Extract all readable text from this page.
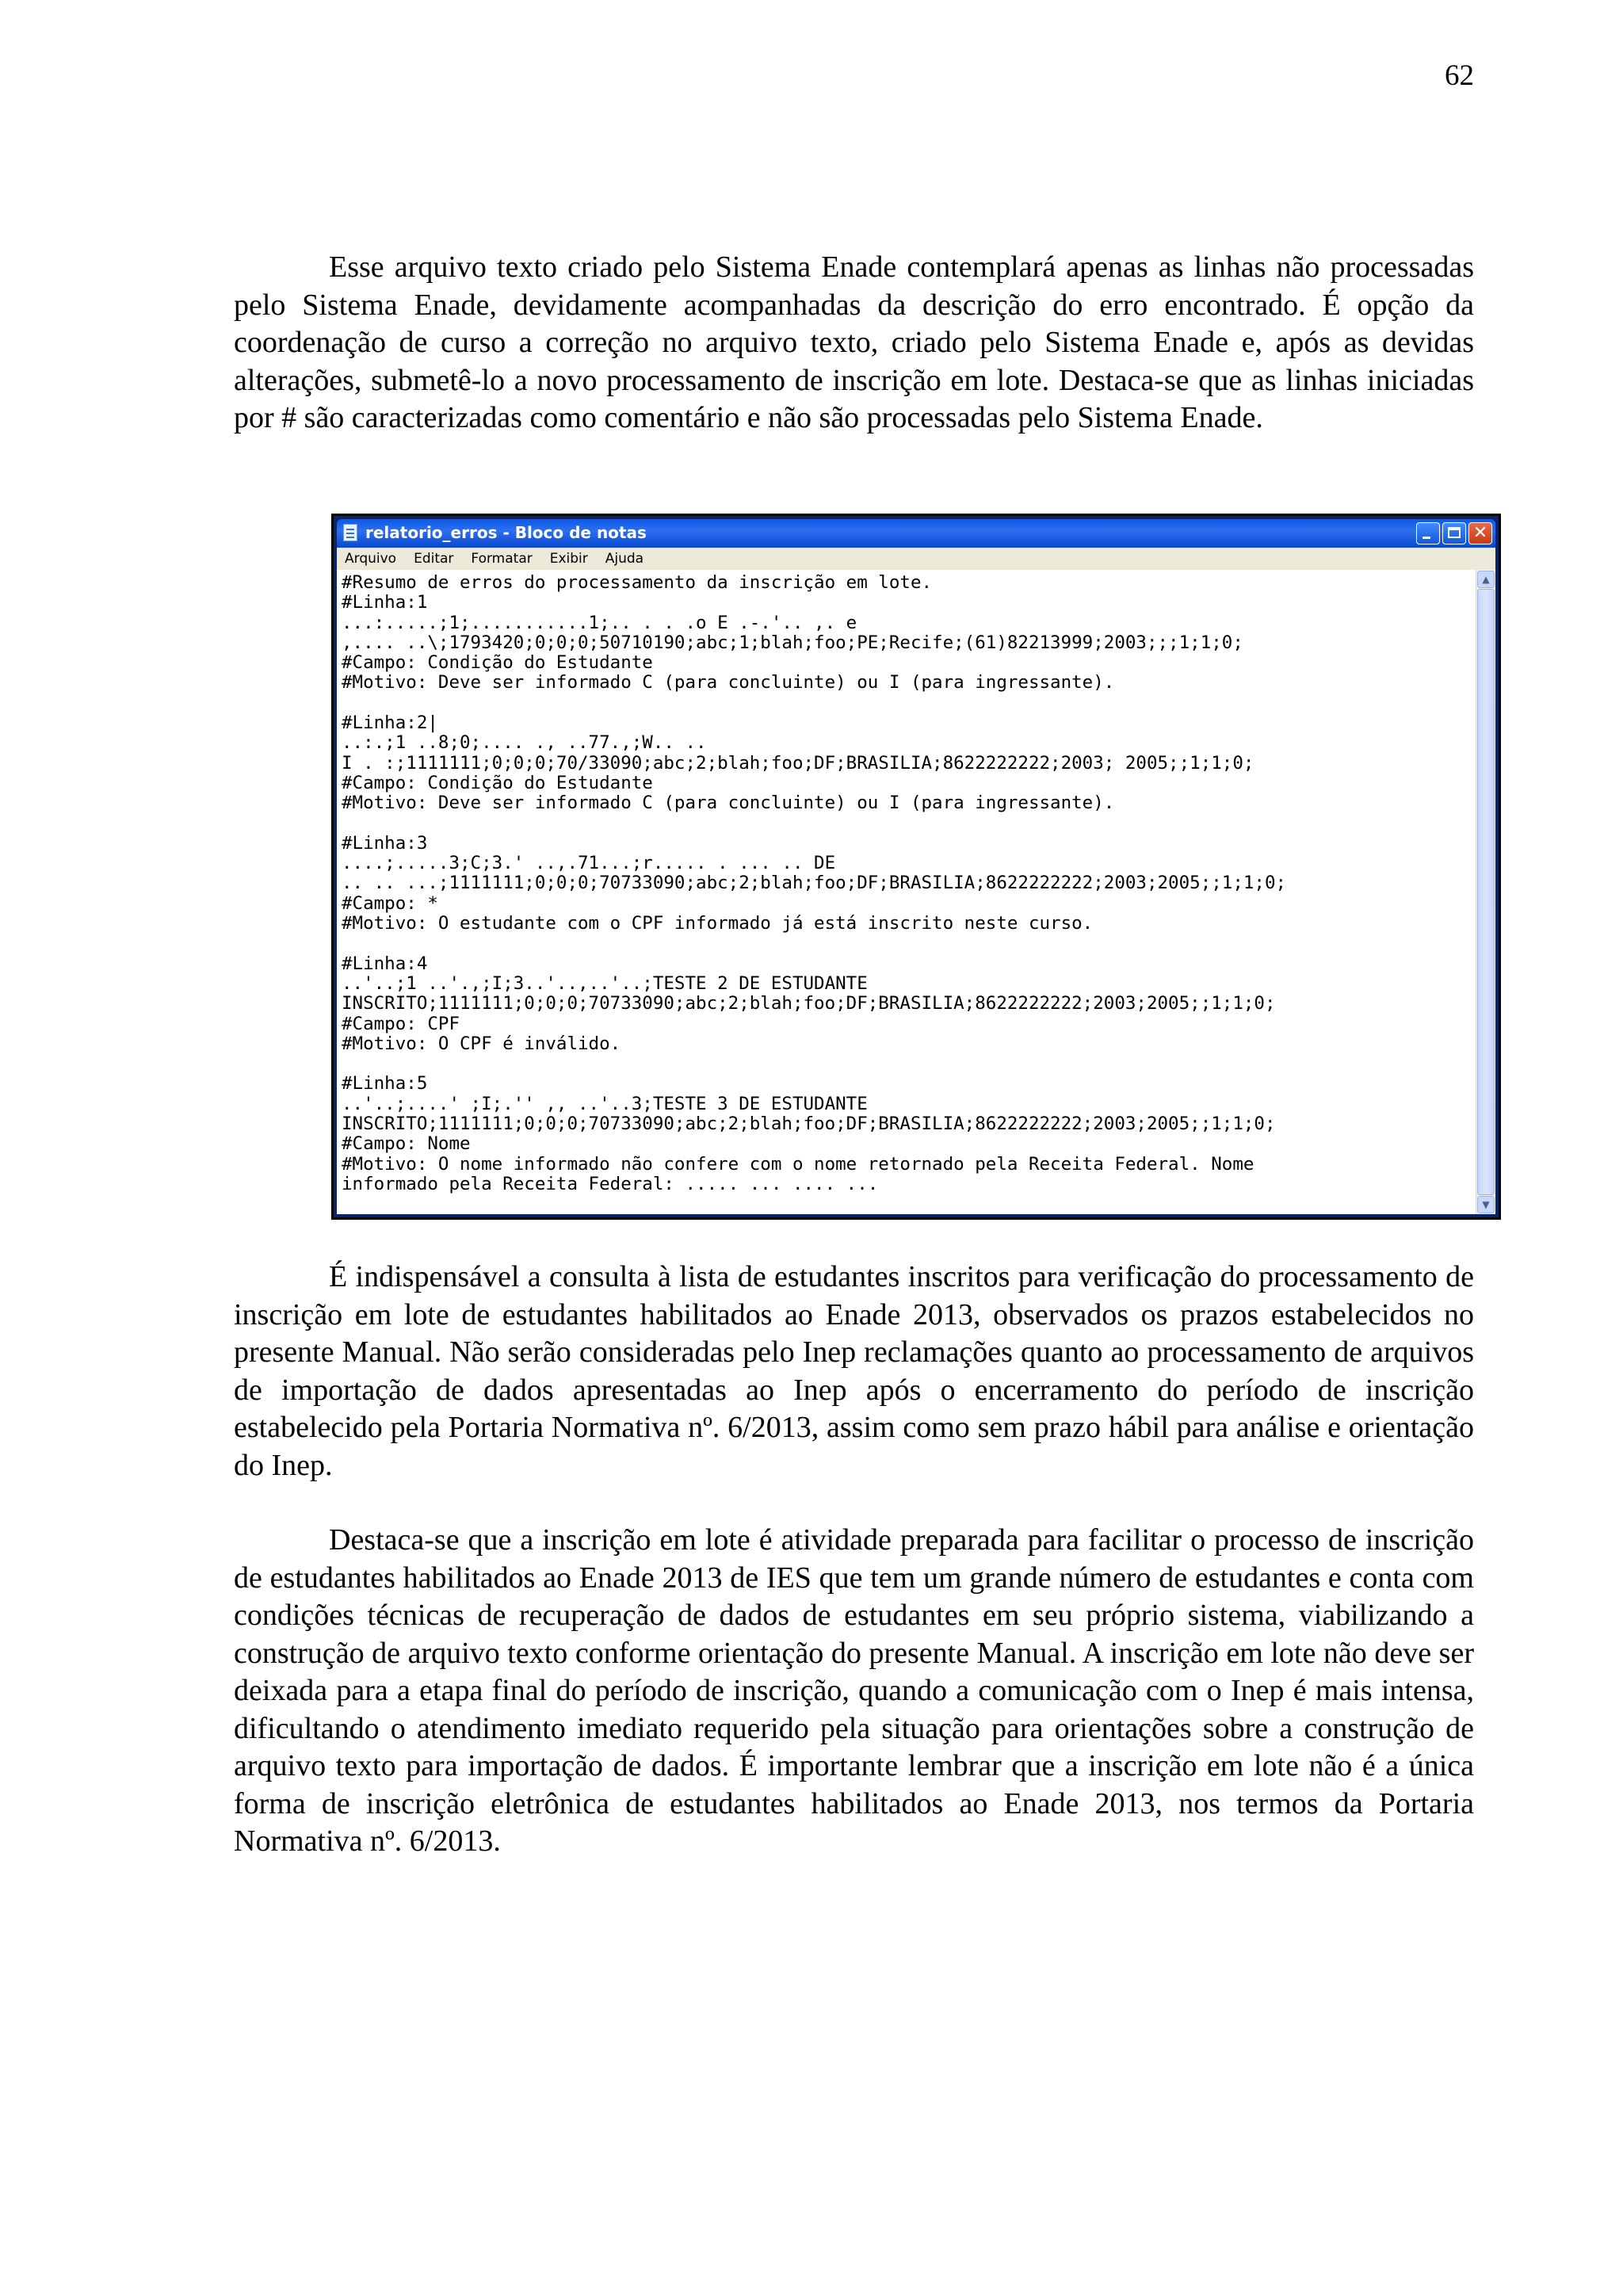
62

Esse arquivo texto criado pelo Sistema Enade contemplará apenas as linhas não processadas pelo Sistema Enade, devidamente acompanhadas da descrição do erro encontrado. É opção da coordenação de curso a correção no arquivo texto, criado pelo Sistema Enade e, após as devidas alterações, submetê-lo a novo processamento de inscrição em lote. Destaca-se que as linhas iniciadas por # são caracterizadas como comentário e não são processadas pelo Sistema Enade.

relatorio_erros - Bloco de notas	✕
Arquivo Editar Formatar Exibir Ajuda
#Resumo de erros do processamento da inscrição em lote.
#Linha:1
...:.....;1;...........1;.. . . .o E .-.'.. ,. e
,.... ..\;1793420;0;0;0;50710190;abc;1;blah;foo;PE;Recife;(61)82213999;2003;;;1;1;0;
#Campo: Condição do Estudante
#Motivo: Deve ser informado C (para concluinte) ou I (para ingressante).
#Linha:2|
..:.;1 ..8;0;.... ., ..77.,;W.. ..
I . :;1111111;0;0;0;70/33090;abc;2;blah;foo;DF;BRASILIA;8622222222;2003; 2005;;1;1;0;
#Campo: Condição do Estudante
#Motivo: Deve ser informado C (para concluinte) ou I (para ingressante).
#Linha:3
....;.....3;C;3.' ..,.71...;r..... . ... .. DE
.. .. ...;1111111;0;0;0;70733090;abc;2;blah;foo;DF;BRASILIA;8622222222;2003;2005;;1;1;0;
#Campo: *
#Motivo: O estudante com o CPF informado já está inscrito neste curso.
#Linha:4
..'..;1 ..'.,;I;3..'..,..'..;TESTE 2 DE ESTUDANTE
INSCRITO;1111111;0;0;0;70733090;abc;2;blah;foo;DF;BRASILIA;8622222222;2003;2005;;1;1;0;
#Campo: CPF
#Motivo: O CPF é inválido.
#Linha:5
..'..;....' ;I;.'' ,, ..'..3;TESTE 3 DE ESTUDANTE
INSCRITO;1111111;0;0;0;70733090;abc;2;blah;foo;DF;BRASILIA;8622222222;2003;2005;;1;1;0;
#Campo: Nome
#Motivo: O nome informado não confere com o nome retornado pela Receita Federal. Nome
informado pela Receita Federal: ..... ... .... ...
▲
▼

É indispensável a consulta à lista de estudantes inscritos para verificação do processamento de inscrição em lote de estudantes habilitados ao Enade 2013, observados os prazos estabelecidos no presente Manual. Não serão consideradas pelo Inep reclamações quanto ao processamento de arquivos de importação de dados apresentadas ao Inep após o encerramento do período de inscrição estabelecido pela Portaria Normativa nº. 6/2013, assim como sem prazo hábil para análise e orientação do Inep.

Destaca-se que a inscrição em lote é atividade preparada para facilitar o processo de inscrição de estudantes habilitados ao Enade 2013 de IES que tem um grande número de estudantes e conta com condições técnicas de recuperação de dados de estudantes em seu próprio sistema, viabilizando a construção de arquivo texto conforme orientação do presente Manual. A inscrição em lote não deve ser deixada para a etapa final do período de inscrição, quando a comunicação com o Inep é mais intensa, dificultando o atendimento imediato requerido pela situação para orientações sobre a construção de arquivo texto para importação de dados. É importante lembrar que a inscrição em lote não é a única forma de inscrição eletrônica de estudantes habilitados ao Enade 2013, nos termos da Portaria Normativa nº. 6/2013.
